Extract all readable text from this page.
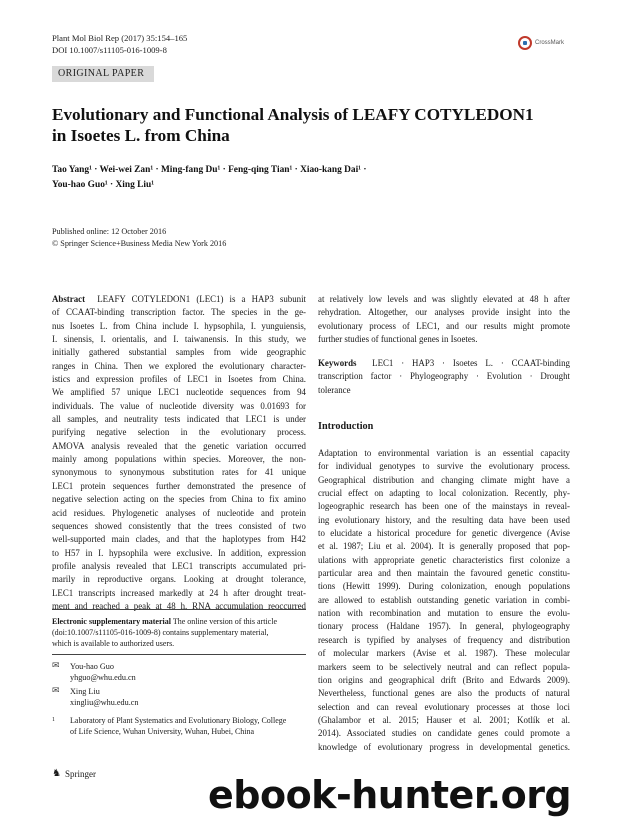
Plant Mol Biol Rep (2017) 35:154–165
DOI 10.1007/s11105-016-1009-8
CrossMark
ORIGINAL PAPER
Evolutionary and Functional Analysis of LEAFY COTYLEDON1
in Isoetes L. from China
Tao Yang¹ · Wei-wei Zan¹ · Ming-fang Du¹ · Feng-qing Tian¹ · Xiao-kang Dai¹ ·
You-hao Guo¹ · Xing Liu¹
Published online: 12 October 2016
© Springer Science+Business Media New York 2016
Abstract LEAFY COTYLEDON1 (LEC1) is a HAP3 subunit
of CCAAT-binding transcription factor. The species in the ge-
nus Isoetes L. from China include I. hypsophila, I. yunguiensis,
I. sinensis, I. orientalis, and I. taiwanensis. In this study, we
initially gathered substantial samples from wide geographic
ranges in China. Then we explored the evolutionary character-
istics and expression profiles of LEC1 in Isoetes from China.
We amplified 57 unique LEC1 nucleotide sequences from 94
individuals. The value of nucleotide diversity was 0.01693 for
all samples, and neutrality tests indicated that LEC1 is under
purifying negative selection in the evolutionary process.
AMOVA analysis revealed that the genetic variation occurred
mainly among populations within species. Moreover, the non-
synonymous to synonymous substitution rates for 41 unique
LEC1 protein sequences further demonstrated the presence of
negative selection acting on the species from China to fix amino
acid residues. Phylogenetic analyses of nucleotide and protein
sequences showed consistently that the trees consisted of two
well-supported main clades, and that the haplotypes from H42
to H57 in I. hypsophila were exclusive. In addition, expression
profile analysis revealed that LEC1 transcripts accumulated pri-
marily in reproductive organs. Looking at drought tolerance,
LEC1 transcripts increased markedly at 24 h after drought treat-
ment and reached a peak at 48 h. RNA accumulation reoccurred
Electronic supplementary material The online version of this article
(doi:10.1007/s11105-016-1009-8) contains supplementary material,
which is available to authorized users.
✉ You-hao Guo
yhguo@whu.edu.cn
✉ Xing Liu
xingliu@whu.edu.cn
1	Laboratory of Plant Systematics and Evolutionary Biology, College
of Life Science, Wuhan University, Wuhan, Hubei, China
at relatively low levels and was slightly elevated at 48 h after
rehydration. Altogether, our analyses provide insight into the
evolutionary process of LEC1, and our results might promote
further studies of functional genes in Isoetes.
Keywords LEC1 · HAP3 · Isoetes L. · CCAAT-binding
transcription factor · Phylogeography · Evolution · Drought
tolerance
Introduction
Adaptation to environmental variation is an essential capacity
for individual genotypes to survive the evolutionary process.
Geographical distribution and changing climate might have a
crucial effect on adapting to local colonization. Recently, phy-
logeographic research has been one of the mainstays in reveal-
ing evolutionary history, and the resulting data have been used
to elucidate a historical procedure for genetic divergence (Avise
et al. 1987; Liu et al. 2004). It is generally proposed that pop-
ulations with appropriate genetic characteristics first colonize a
particular area and then maintain the favoured genetic constitu-
tions (Hewitt 1999). During colonization, enough populations
are allowed to establish outstanding genetic variation in combi-
nation with recombination and mutation to ensure the evolu-
tionary process (Haldane 1957). In general, phylogeography
research is typified by analyses of frequency and distribution
of molecular markers (Avise et al. 1987). These molecular
markers seem to be selectively neutral and can reflect popula-
tion origins and geographical drift (Brito and Edwards 2009).
Nevertheless, functional genes are also the products of natural
selection and can reveal evolutionary processes at those loci
(Ghalambor et al. 2015; Hauser et al. 2001; Kotlík et al.
2014). Associated studies on candidate genes could promote a
knowledge of evolutionary progress in developmental genetics.
♞ Springer	ebook-hunter.org
